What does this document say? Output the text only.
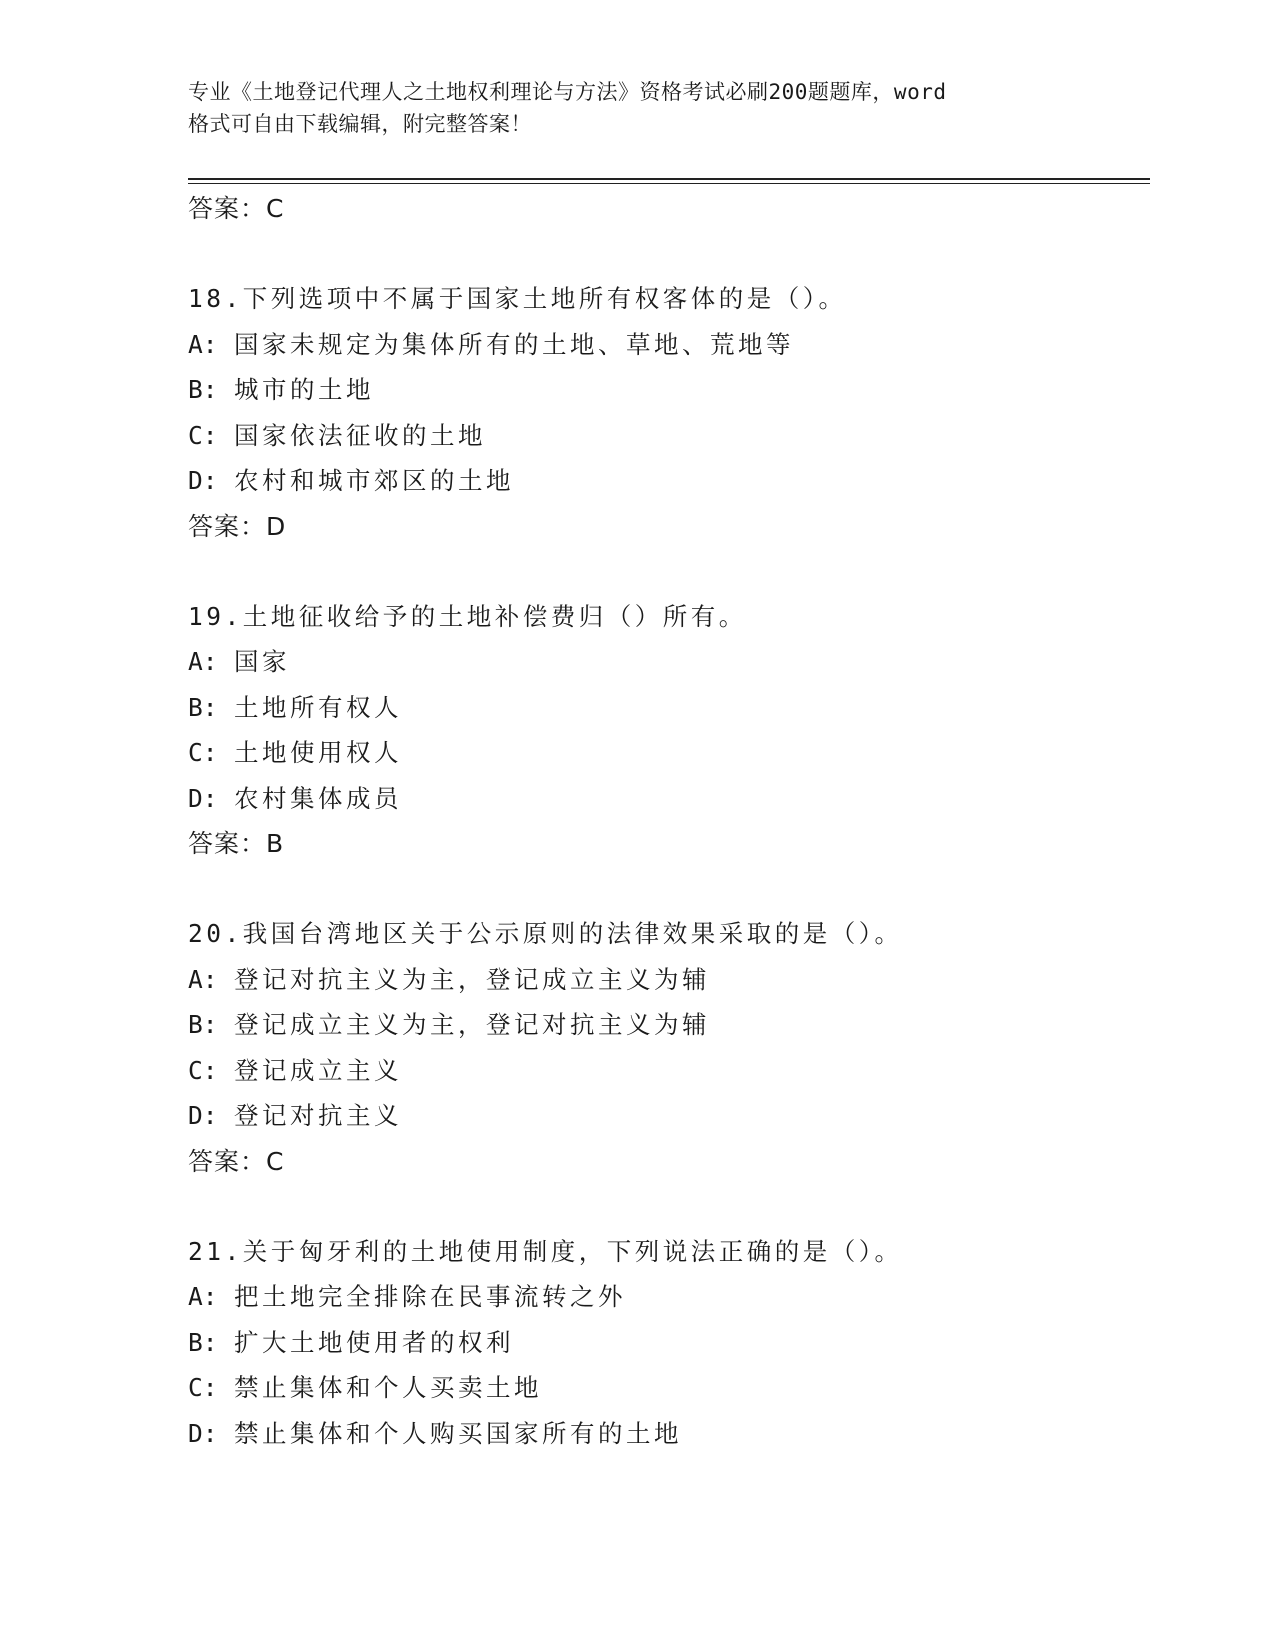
专业《土地登记代理人之土地权利理论与方法》资格考试必刷200题题库，word
格式可自由下载编辑，附完整答案！
答案：C
18.下列选项中不属于国家土地所有权客体的是（）。
A: 国家未规定为集体所有的土地、草地、荒地等
B: 城市的土地
C: 国家依法征收的土地
D: 农村和城市郊区的土地
答案：D
19.土地征收给予的土地补偿费归（）所有。
A: 国家
B: 土地所有权人
C: 土地使用权人
D: 农村集体成员
答案：B
20.我国台湾地区关于公示原则的法律效果采取的是（）。
A: 登记对抗主义为主，登记成立主义为辅
B: 登记成立主义为主，登记对抗主义为辅
C: 登记成立主义
D: 登记对抗主义
答案：C
21.关于匈牙利的土地使用制度，下列说法正确的是（）。
A: 把土地完全排除在民事流转之外
B: 扩大土地使用者的权利
C: 禁止集体和个人买卖土地
D: 禁止集体和个人购买国家所有的土地
